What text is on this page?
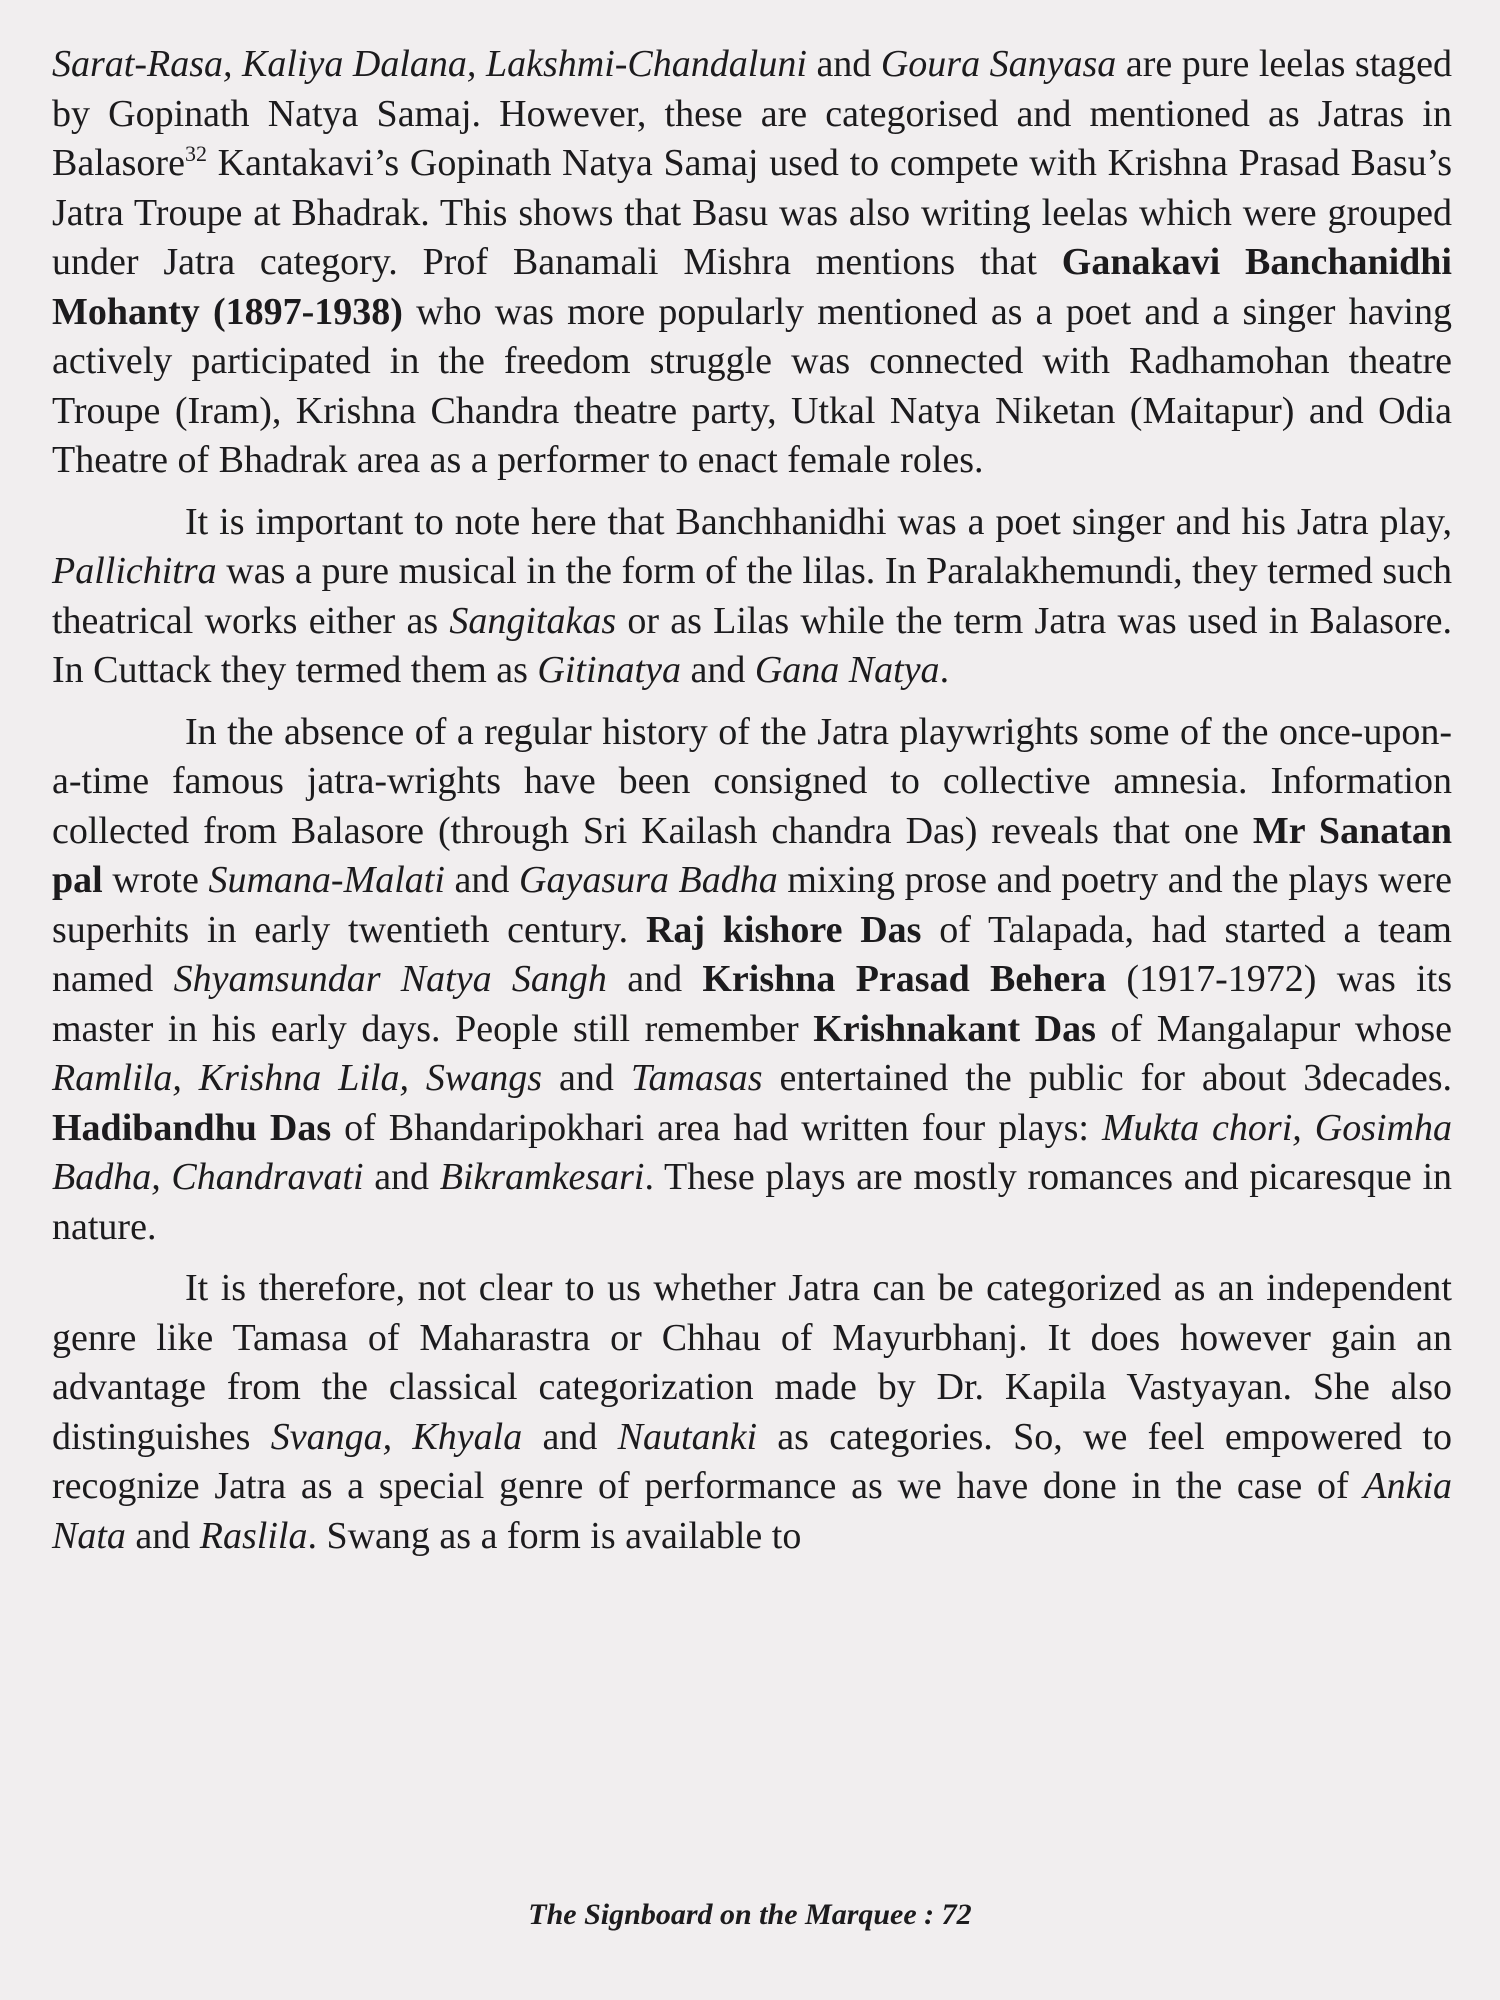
Sarat-Rasa, Kaliya Dalana, Lakshmi-Chandaluni and Goura Sanyasa are pure leelas staged by Gopinath Natya Samaj. However, these are categorised and mentioned as Jatras in Balasore$^{32}$ Kantakavi’s Gopinath Natya Samaj used to compete with Krishna Prasad Basu’s Jatra Troupe at Bhadrak. This shows that Basu was also writing leelas which were grouped under Jatra category. Prof Banamali Mishra mentions that Ganakavi Banchanidhi Mohanty (1897-1938) who was more popularly mentioned as a poet and a singer having actively participated in the freedom struggle was connected with Radhamohan theatre Troupe (Iram), Krishna Chandra theatre party, Utkal Natya Niketan (Maitapur) and Odia Theatre of Bhadrak area as a performer to enact female roles.

It is important to note here that Banchhanidhi was a poet singer and his Jatra play, Pallichitra was a pure musical in the form of the lilas. In Paralakhemundi, they termed such theatrical works either as Sangitakas or as Lilas while the term Jatra was used in Balasore. In Cuttack they termed them as Gitinatya and Gana Natya.

In the absence of a regular history of the Jatra playwrights some of the once-upon-a-time famous jatra-wrights have been consigned to collective amnesia. Information collected from Balasore (through Sri Kailash chandra Das) reveals that one Mr Sanatan pal wrote Sumana-Malati and Gayasura Badha mixing prose and poetry and the plays were superhits in early twentieth century. Raj kishore Das of Talapada, had started a team named Shyamsundar Natya Sangh and Krishna Prasad Behera (1917-1972) was its master in his early days. People still remember Krishnakant Das of Mangalapur whose Ramlila, Krishna Lila, Swangs and Tamasas entertained the public for about 3decades. Hadibandhu Das of Bhandaripokhari area had written four plays: Mukta chori, Gosimha Badha, Chandravati and Bikramkesari. These plays are mostly romances and picaresque in nature.

It is therefore, not clear to us whether Jatra can be categorized as an independent genre like Tamasa of Maharastra or Chhau of Mayurbhanj. It does however gain an advantage from the classical categorization made by Dr. Kapila Vastyayan. She also distinguishes Svanga, Khyala and Nautanki as categories. So, we feel empowered to recognize Jatra as a special genre of performance as we have done in the case of Ankia Nata and Raslila. Swang as a form is available to

The Signboard on the Marquee : 72
